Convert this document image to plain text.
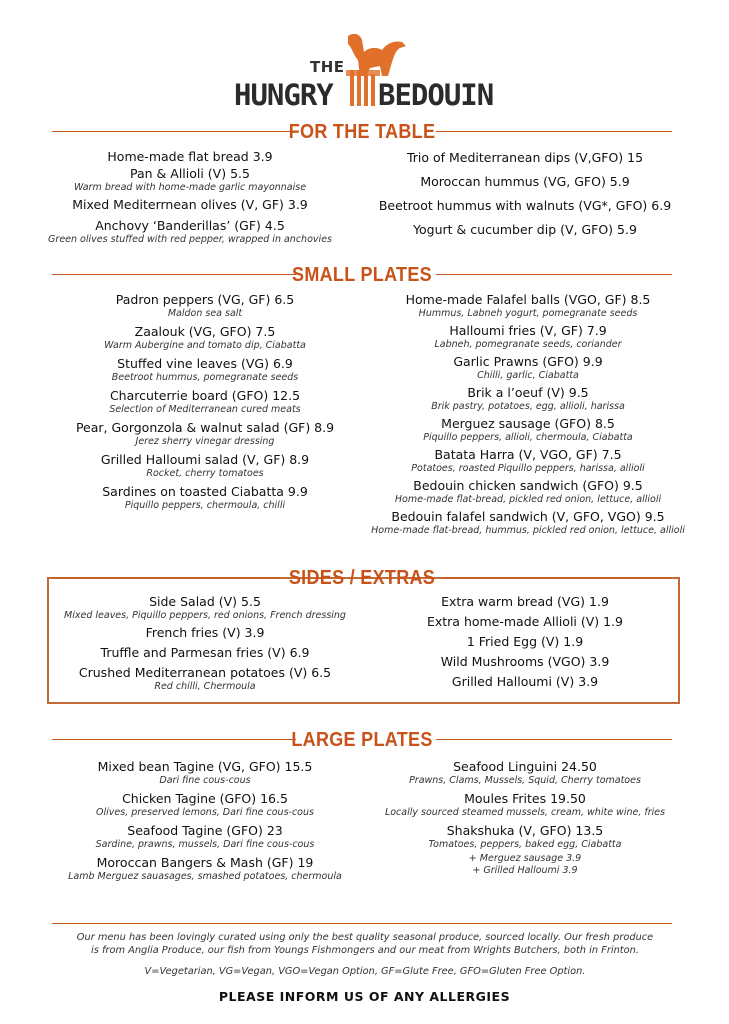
THE
HUNGRY BEDOUIN
FOR THE TABLE
Home-made flat bread 3.9
Pan & Allioli (V) 5.5
Warm bread with home-made garlic mayonnaise
Mixed Mediterrnean olives (V, GF) 3.9
Anchovy ‘Banderillas’ (GF) 4.5
Green olives stuffed with red pepper, wrapped in anchovies
Trio of Mediterranean dips (V,GFO) 15
Moroccan hummus (VG, GFO) 5.9
Beetroot hummus with walnuts (VG*, GFO) 6.9
Yogurt & cucumber dip (V, GFO) 5.9
SMALL PLATES
Padron peppers (VG, GF) 6.5
Maldon sea salt
Zaalouk (VG, GFO) 7.5
Warm Aubergine and tomato dip, Ciabatta
Stuffed vine leaves (VG) 6.9
Beetroot hummus, pomegranate seeds
Charcuterrie board (GFO) 12.5
Selection of Mediterranean cured meats
Pear, Gorgonzola & walnut salad (GF) 8.9
Jerez sherry vinegar dressing
Grilled Halloumi salad (V, GF) 8.9
Rocket, cherry tomatoes
Sardines on toasted Ciabatta 9.9
Piquillo peppers, chermoula, chilli
Home-made Falafel balls (VGO, GF) 8.5
Hummus, Labneh yogurt, pomegranate seeds
Halloumi fries (V, GF) 7.9
Labneh, pomegranate seeds, coriander
Garlic Prawns (GFO) 9.9
Chilli, garlic, Ciabatta
Brik a l’oeuf (V) 9.5
Brik pastry, potatoes, egg, allioli, harissa
Merguez sausage (GFO) 8.5
Piquillo peppers, allioli, chermoula, Ciabatta
Batata Harra (V, VGO, GF) 7.5
Potatoes, roasted Piquillo peppers, harissa, allioli
Bedouin chicken sandwich (GFO) 9.5
Home-made flat-bread, pickled red onion, lettuce, allioli
Bedouin falafel sandwich (V, GFO, VGO) 9.5
Home-made flat-bread, hummus, pickled red onion, lettuce, allioli
SIDES / EXTRAS
Side Salad (V) 5.5
Mixed leaves, Piquillo peppers, red onions, French dressing
French fries (V) 3.9
Truffle and Parmesan fries (V) 6.9
Crushed Mediterranean potatoes (V) 6.5
Red chilli, Chermoula
Extra warm bread (VG) 1.9
Extra home-made Allioli (V) 1.9
1 Fried Egg (V) 1.9
Wild Mushrooms (VGO) 3.9
Grilled Halloumi (V) 3.9
LARGE PLATES
Mixed bean Tagine (VG, GFO) 15.5
Dari fine cous-cous
Chicken Tagine (GFO) 16.5
Olives, preserved lemons, Dari fine cous-cous
Seafood Tagine (GFO) 23
Sardine, prawns, mussels, Dari fine cous-cous
Moroccan Bangers & Mash (GF) 19
Lamb Merguez sauasages, smashed potatoes, chermoula
Seafood Linguini 24.50
Prawns, Clams, Mussels, Squid, Cherry tomatoes
Moules Frites 19.50
Locally sourced steamed mussels, cream, white wine, fries
Shakshuka (V, GFO) 13.5
Tomatoes, peppers, baked egg, Ciabatta
+ Merguez sausage 3.9
+ Grilled Halloumi 3.9
Our menu has been lovingly curated using only the best quality seasonal produce, sourced locally. Our fresh produce
is from Anglia Produce, our fish from Youngs Fishmongers and our meat from Wrights Butchers, both in Frinton.
V=Vegetarian, VG=Vegan, VGO=Vegan Option, GF=Glute Free, GFO=Gluten Free Option.
PLEASE INFORM US OF ANY ALLERGIES
